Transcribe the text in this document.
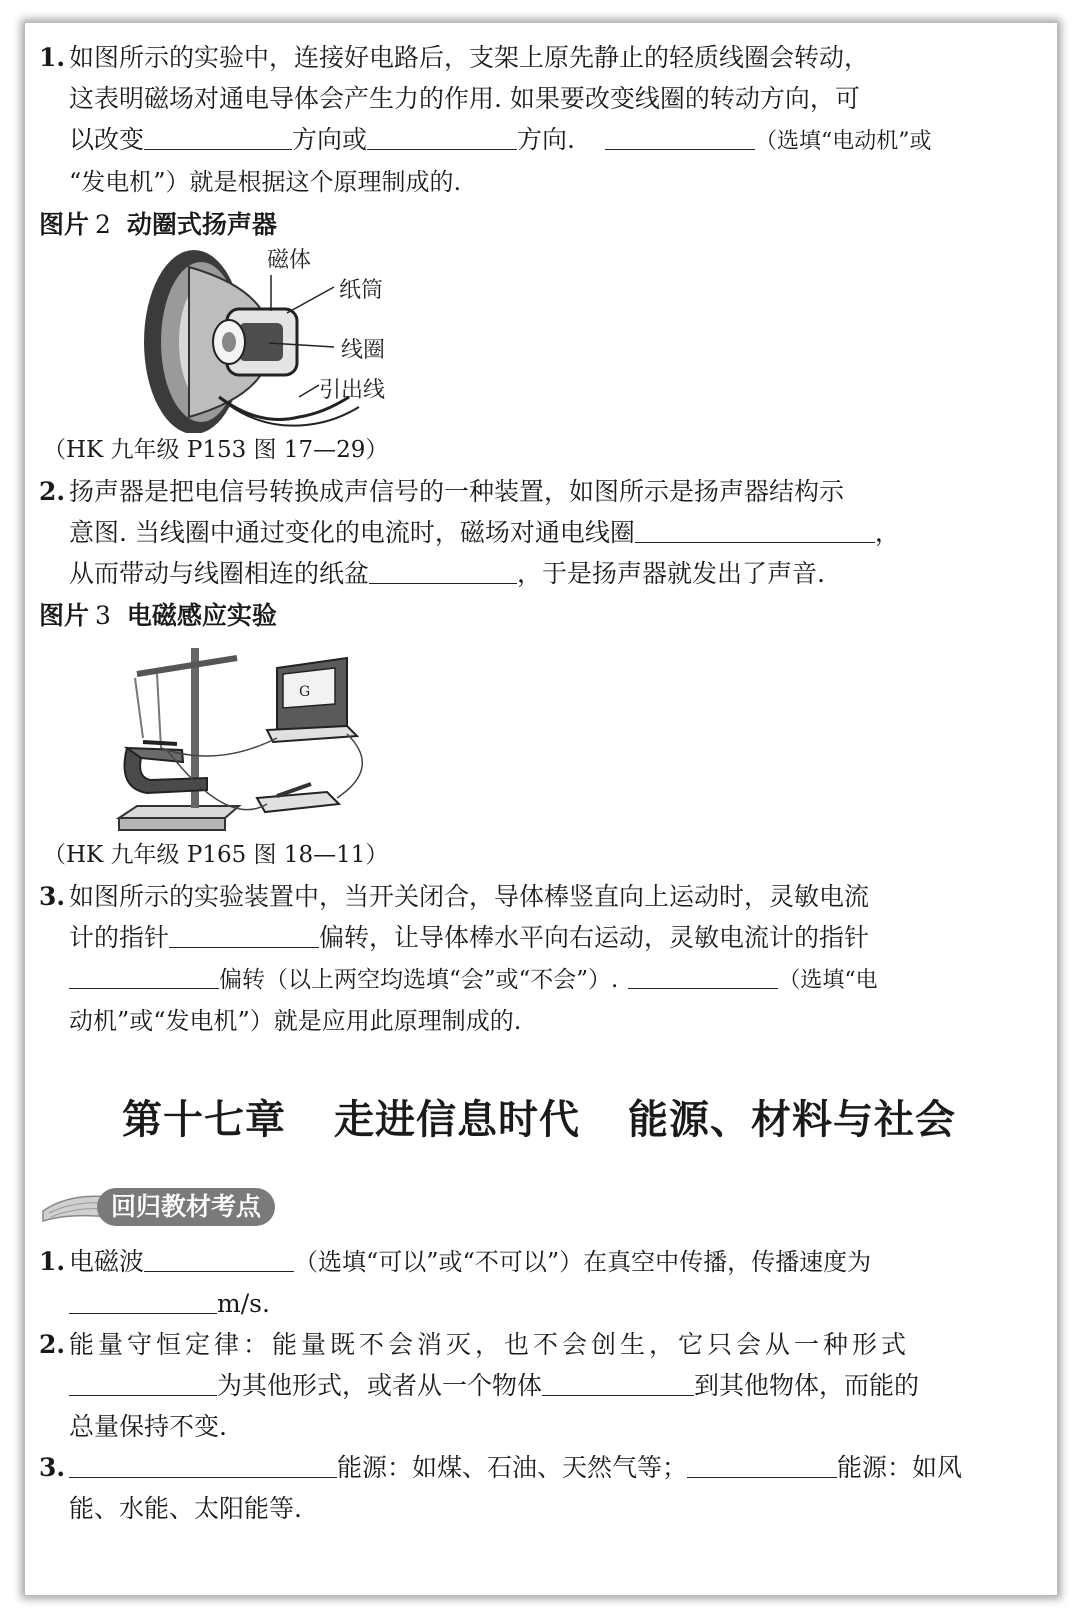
1. 如图所示的实验中，连接好电路后，支架上原先静止的轻质线圈会转动，
这表明磁场对通电导体会产生力的作用. 如果要改变线圈的转动方向，可
以改变	方向或	方向.	（选填“电动机”或
“发电机”）就是根据这个原理制成的.
图片 2 动圈式扬声器
磁体
纸筒
线圈
引出线

（HK 九年级 P153 图 17—29）

2. 扬声器是把电信号转换成声信号的一种装置，如图所示是扬声器结构示
意图. 当线圈中通过变化的电流时，磁场对通电线圈	，
从而带动与线圈相连的纸盆	，于是扬声器就发出了声音.
图片 3 电磁感应实验
G

（HK 九年级 P165 图 18—11）

3. 如图所示的实验装置中，当开关闭合，导体棒竖直向上运动时，灵敏电流
计的指针	偏转，让导体棒水平向右运动，灵敏电流计的指针
偏转（以上两空均选填“会”或“不会”）.	（选填“电
动机”或“发电机”）就是应用此原理制成的.

第十七章 走进信息时代 能源、材料与社会

回归教材考点
1. 电磁波	（选填“可以”或“不可以”）在真空中传播，传播速度为
m/s.
2. 能量守恒定律：能量既不会消灭，也不会创生，它只会从一种形式
为其他形式，或者从一个物体	到其他物体，而能的
总量保持不变.
3.	能源：如煤、石油、天然气等；	能源：如风
能、水能、太阳能等.
